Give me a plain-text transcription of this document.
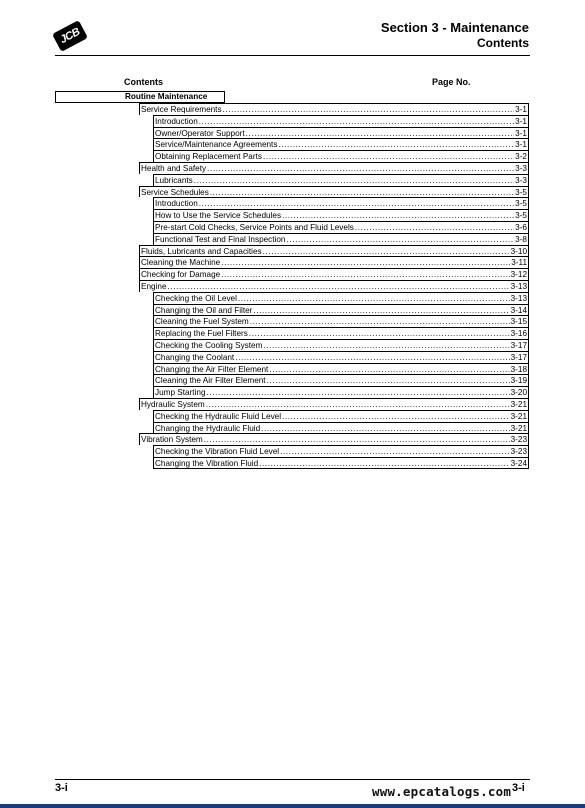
JCB	Section 3 - Maintenance
Contents
Contents	Page No.
Routine Maintenance
Service Requirements .....	3-1
Introduction .....	3-1
Owner/Operator Support .....	3-1
Service/Maintenance Agreements .....	3-1
Obtaining Replacement Parts .....	3-2
Health and Safety .....	3-3
Lubricants .....	3-3
Service Schedules .....	3-5
Introduction .....	3-5
How to Use the Service Schedules .....	3-5
Pre-start Cold Checks, Service Points and Fluid Levels .....	3-6
Functional Test and Final Inspection .....	3-8
Fluids, Lubricants and Capacities .....	3-10
Cleaning the Machine .....	3-11
Checking for Damage .....	3-12
Engine .....	3-13
Checking the Oil Level .....	3-13
Changing the Oil and Filter .....	3-14
Cleaning the Fuel System .....	3-15
Replacing the Fuel Filters .....	3-16
Checking the Cooling System .....	3-17
Changing the Coolant .....	3-17
Changing the Air Filter Element .....	3-18
Cleaning the Air Filter Element .....	3-19
Jump Starting .....	3-20
Hydraulic System .....	3-21
Checking the Hydraulic Fluid Level .....	3-21
Changing the Hydraulic Fluid .....	3-21
Vibration System .....	3-23
Checking the Vibration Fluid Level .....	3-23
Changing the Vibration Fluid .....	3-24
3-i	www.epcatalogs.com 3-i
